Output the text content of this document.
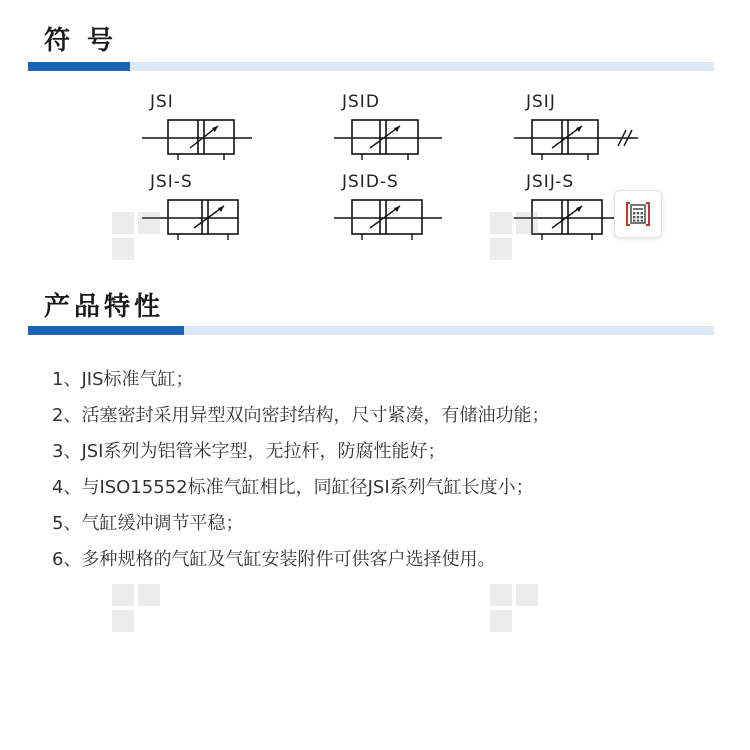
符 号
JSI	JSID	JSIJ
JSI-S	JSID-S	JSIJ-S
产品特性
1、JIS标准气缸；
2、活塞密封采用异型双向密封结构，尺寸紧凑，有储油功能；
3、JSI系列为铝管米字型，无拉杆，防腐性能好；
4、与ISO15552标准气缸相比，同缸径JSI系列气缸长度小；
5、气缸缓冲调节平稳；
6、多种规格的气缸及气缸安装附件可供客户选择使用。
